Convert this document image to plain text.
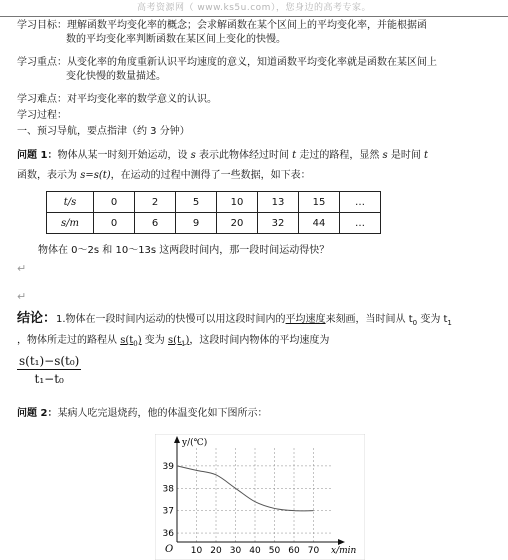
高考资源网（ www.ks5u.com），您身边的高考专家。
学习目标：理解函数平均变化率的概念；会求解函数在某个区间上的平均变化率，并能根据函
数的平均变化率判断函数在某区间上变化的快慢。
学习重点：从变化率的角度重新认识平均速度的意义，知道函数平均变化率就是函数在某区间上
变化快慢的数量描述。
学习难点：对平均变化率的数学意义的认识。
学习过程：
一、预习导航，要点指津（约 3 分钟）
问题 1：物体从某一时刻开始运动，设 s 表示此物体经过时间 t 走过的路程，显然 s 是时间 t
函数，表示为 s=s(t)，在运动的过程中测得了一些数据，如下表：
t/s	0	2	5	10	13	15	…
s/m	0	6	9	20	32	44	…
物体在 0～2s 和 10～13s 这两段时间内，那一段时间运动得快？
↵
↵
结论：1.物体在一段时间内运动的快慢可以用这段时间内的平均速度来刻画，当时间从 $t_0$ 变为 $t_1$
，物体所走过的路程从 $s(t_0)$ 变为 $s(t_1)$，这段时间内物体的平均速度为
$\frac{\text{s(t₁)−s(t₀)}}{\text{t₁−t₀}}$
问题 2：某病人吃完退烧药，他的体温变化如下图所示：
10 20 30 40 50 60 70
36
37
38
39
O	x/min
y/(℃)
